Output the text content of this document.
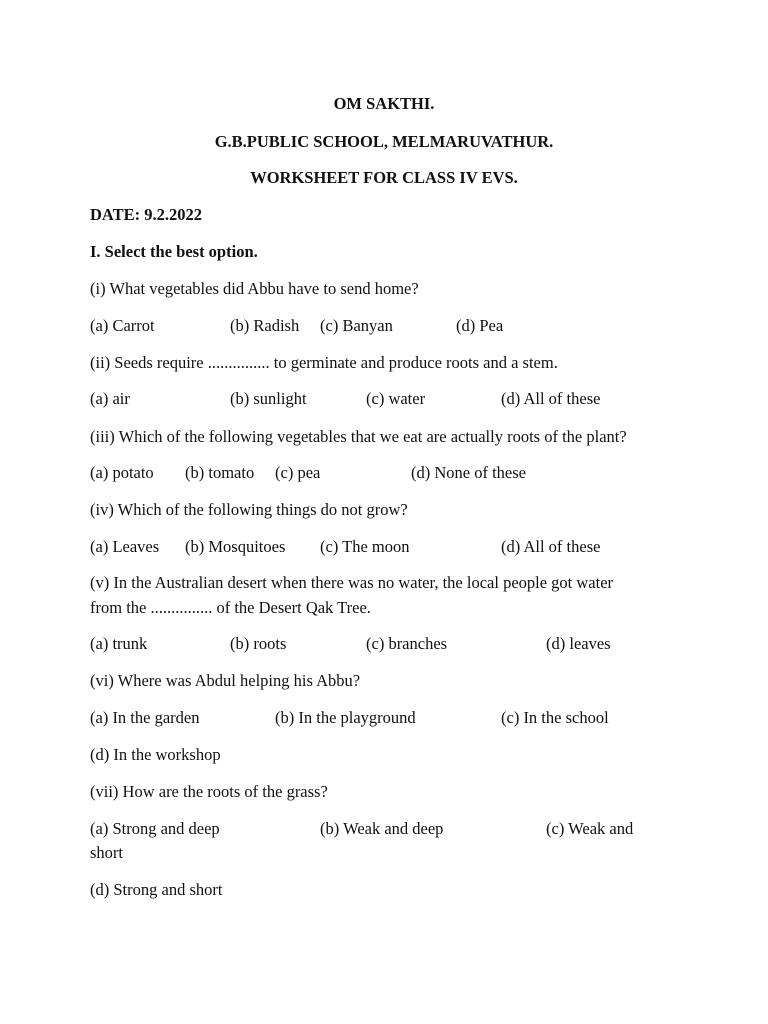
OM SAKTHI.
G.B.PUBLIC SCHOOL, MELMARUVATHUR.
WORKSHEET FOR CLASS IV EVS.
DATE: 9.2.2022
I. Select the best option.
(i) What vegetables did Abbu have to send home?
(a) Carrot	(b) Radish (c) Banyan	(d) Pea
(ii) Seeds require ............... to germinate and produce roots and a stem.
(a) air	(b) sunlight	(c) water	(d) All of these
(iii) Which of the following vegetables that we eat are actually roots of the plant?
(a) potato (b) tomato (c) pea	(d) None of these
(iv) Which of the following things do not grow?
(a) Leaves (b) Mosquitoes (c) The moon	(d) All of these
(v) In the Australian desert when there was no water, the local people got water
from the ............... of the Desert Qak Tree.
(a) trunk	(b) roots	(c) branches	(d) leaves
(vi) Where was Abdul helping his Abbu?
(a) In the garden	(b) In the playground	(c) In the school
(d) In the workshop
(vii) How are the roots of the grass?
(a) Strong and deep	(b) Weak and deep	(c) Weak and
short
(d) Strong and short
